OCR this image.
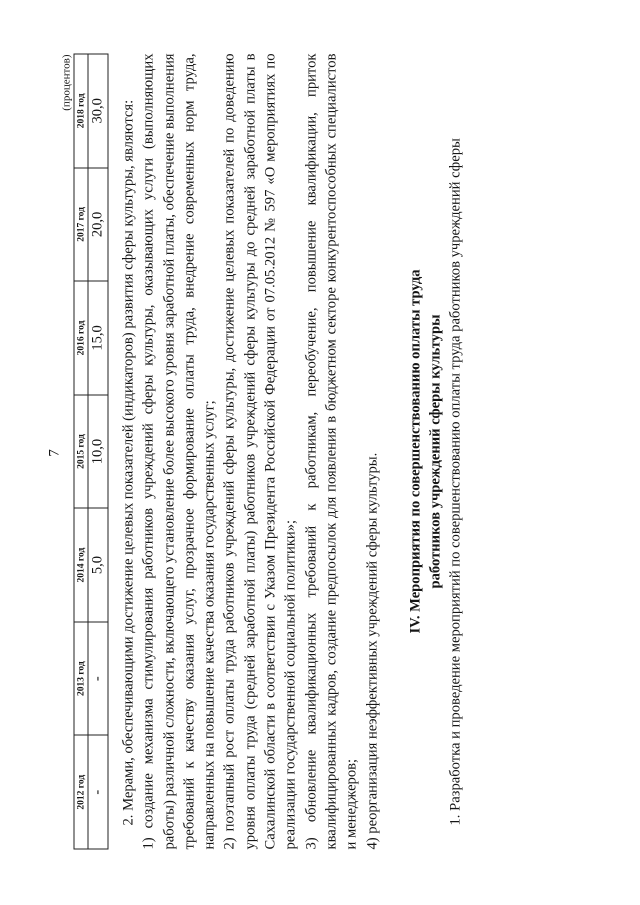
7
(процентов)
2012 год	2013 год	2014 год	2015 год	2016 год	2017 год	2018 год
-	-	5,0	10,0	15,0	20,0	30,0 2. Мерами, обеспечивающими достижение целевых показателей (индикаторов) развития сферы культуры, являются: 1) создание механизма стимулирования работников учреждений сферы культуры, оказывающих услуги (выполняющих работы) различной сложности, включающего установление более высокого уровня заработной платы, обеспечение выполнения требований к качеству оказания услуг, прозрачное формирование оплаты труда, внедрение современных норм труда, направленных на повышение качества оказания государственных услуг; 2) поэтапный рост оплаты труда работников учреждений сферы культуры, достижение целевых показателей по доведению уровня оплаты труда (средней заработной платы) работников учреждений сферы культуры до средней заработной платы в Сахалинской области в соответствии с Указом Президента Российской Федерации от 07.05.2012 № 597 «О мероприятиях по реализации государственной социальной политики»; 3) обновление квалификационных требований к работникам, переобучение, повышение квалификации, приток квалифицированных кадров, создание предпосылок для появления в бюджетном секторе конкурентоспособных специалистов и менеджеров; 4) реорганизация неэффективных учреждений сферы культуры.

IV. Мероприятия по совершенствованию оплаты труда работников учреждений сферы культуры 1. Разработка и проведение мероприятий по совершенствованию оплаты труда работников учреждений сферы
